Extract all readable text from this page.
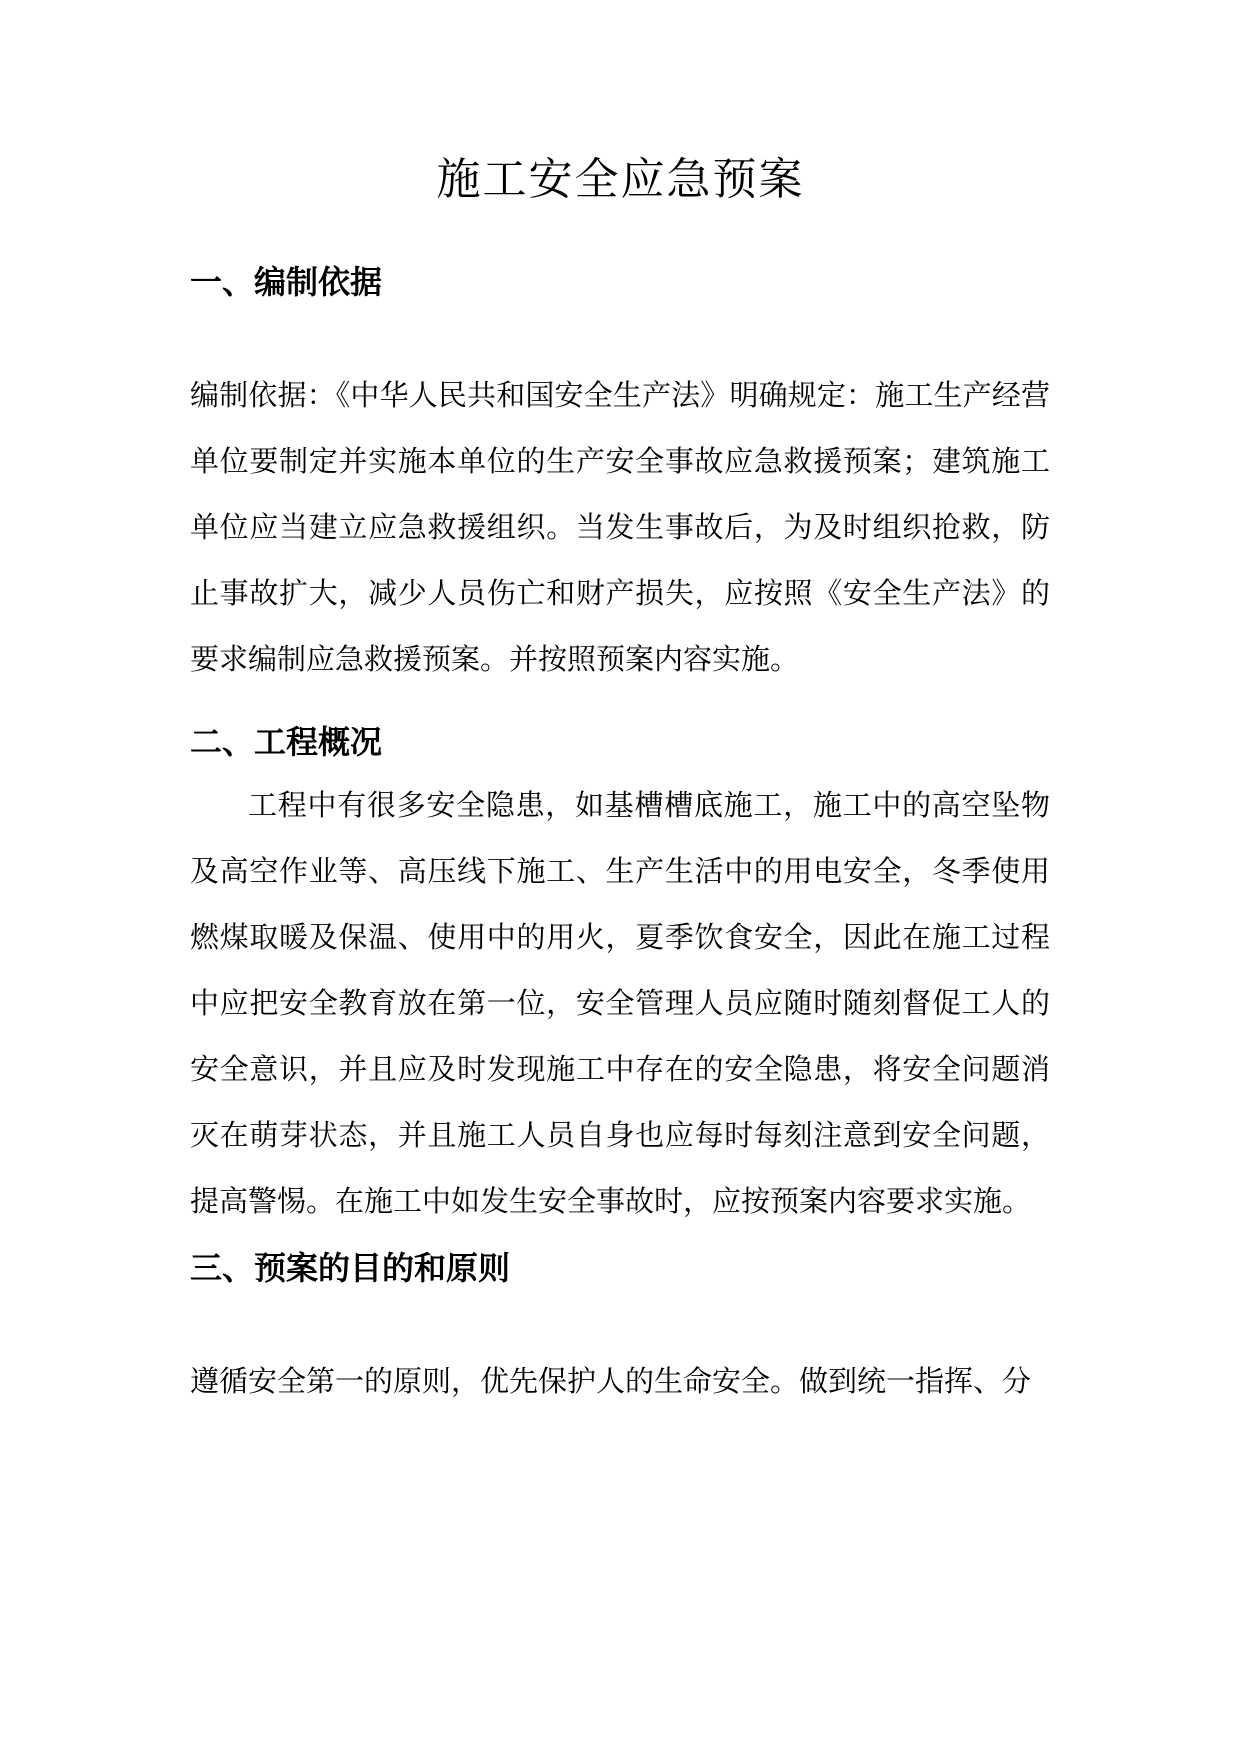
施工安全应急预案
一、编制依据

编制依据：《中华人民共和国安全生产法》明确规定：施工生产经营单位要制定并实施本单位的生产安全事故应急救援预案；建筑施工单位应当建立应急救援组织。当发生事故后，为及时组织抢救，防止事故扩大，减少人员伤亡和财产损失，应按照《安全生产法》的要求编制应急救援预案。并按照预案内容实施。

二、工程概况

工程中有很多安全隐患，如基槽槽底施工，施工中的高空坠物及高空作业等、高压线下施工、生产生活中的用电安全，冬季使用燃煤取暖及保温、使用中的用火，夏季饮食安全，因此在施工过程中应把安全教育放在第一位，安全管理人员应随时随刻督促工人的安全意识，并且应及时发现施工中存在的安全隐患，将安全问题消灭在萌芽状态，并且施工人员自身也应每时每刻注意到安全问题，提高警惕。在施工中如发生安全事故时，应按预案内容要求实施。

三、预案的目的和原则

遵循安全第一的原则，优先保护人的生命安全。做到统一指挥、分
